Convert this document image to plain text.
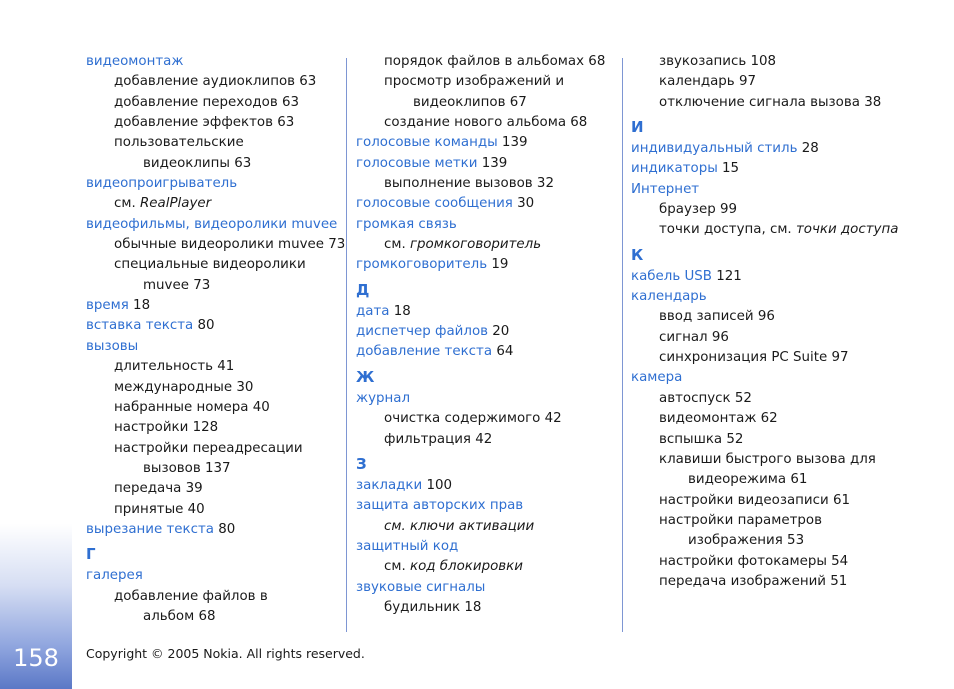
158
видеомонтаж
добавление аудиоклипов 63
добавление переходов 63
добавление эффектов 63
пользовательские
видеоклипы 63
видеопроигрыватель
см. RealPlayer
видеофильмы, видеоролики muvee
обычные видеоролики muvee 73
специальные видеоролики
muvee 73
время 18
вставка текста 80
вызовы
длительность 41
международные 30
набранные номера 40
настройки 128
настройки переадресации
вызовов 137
передача 39
принятые 40
вырезание текста 80
Г
галерея
добавление файлов в
альбом 68
порядок файлов в альбомах 68
просмотр изображений и
видеоклипов 67
создание нового альбома 68
голосовые команды 139
голосовые метки 139
выполнение вызовов 32
голосовые сообщения 30
громкая связь
см. громкоговоритель
громкоговоритель 19
Д
дата 18
диспетчер файлов 20
добавление текста 64
Ж
журнал
очистка содержимого 42
фильтрация 42
З
закладки 100
защита авторских прав
см. ключи активации
защитный код
см. код блокировки
звуковые сигналы
будильник 18
звукозапись 108
календарь 97
отключение сигнала вызова 38
И
индивидуальный стиль 28
индикаторы 15
Интернет
браузер 99
точки доступа, см. точки доступа
К
кабель USB 121
календарь
ввод записей 96
сигнал 96
синхронизация PC Suite 97
камера
автоспуск 52
видеомонтаж 62
вспышка 52
клавиши быстрого вызова для
видеорежима 61
настройки видеозаписи 61
настройки параметров
изображения 53
настройки фотокамеры 54
передача изображений 51
Copyright © 2005 Nokia. All rights reserved.
